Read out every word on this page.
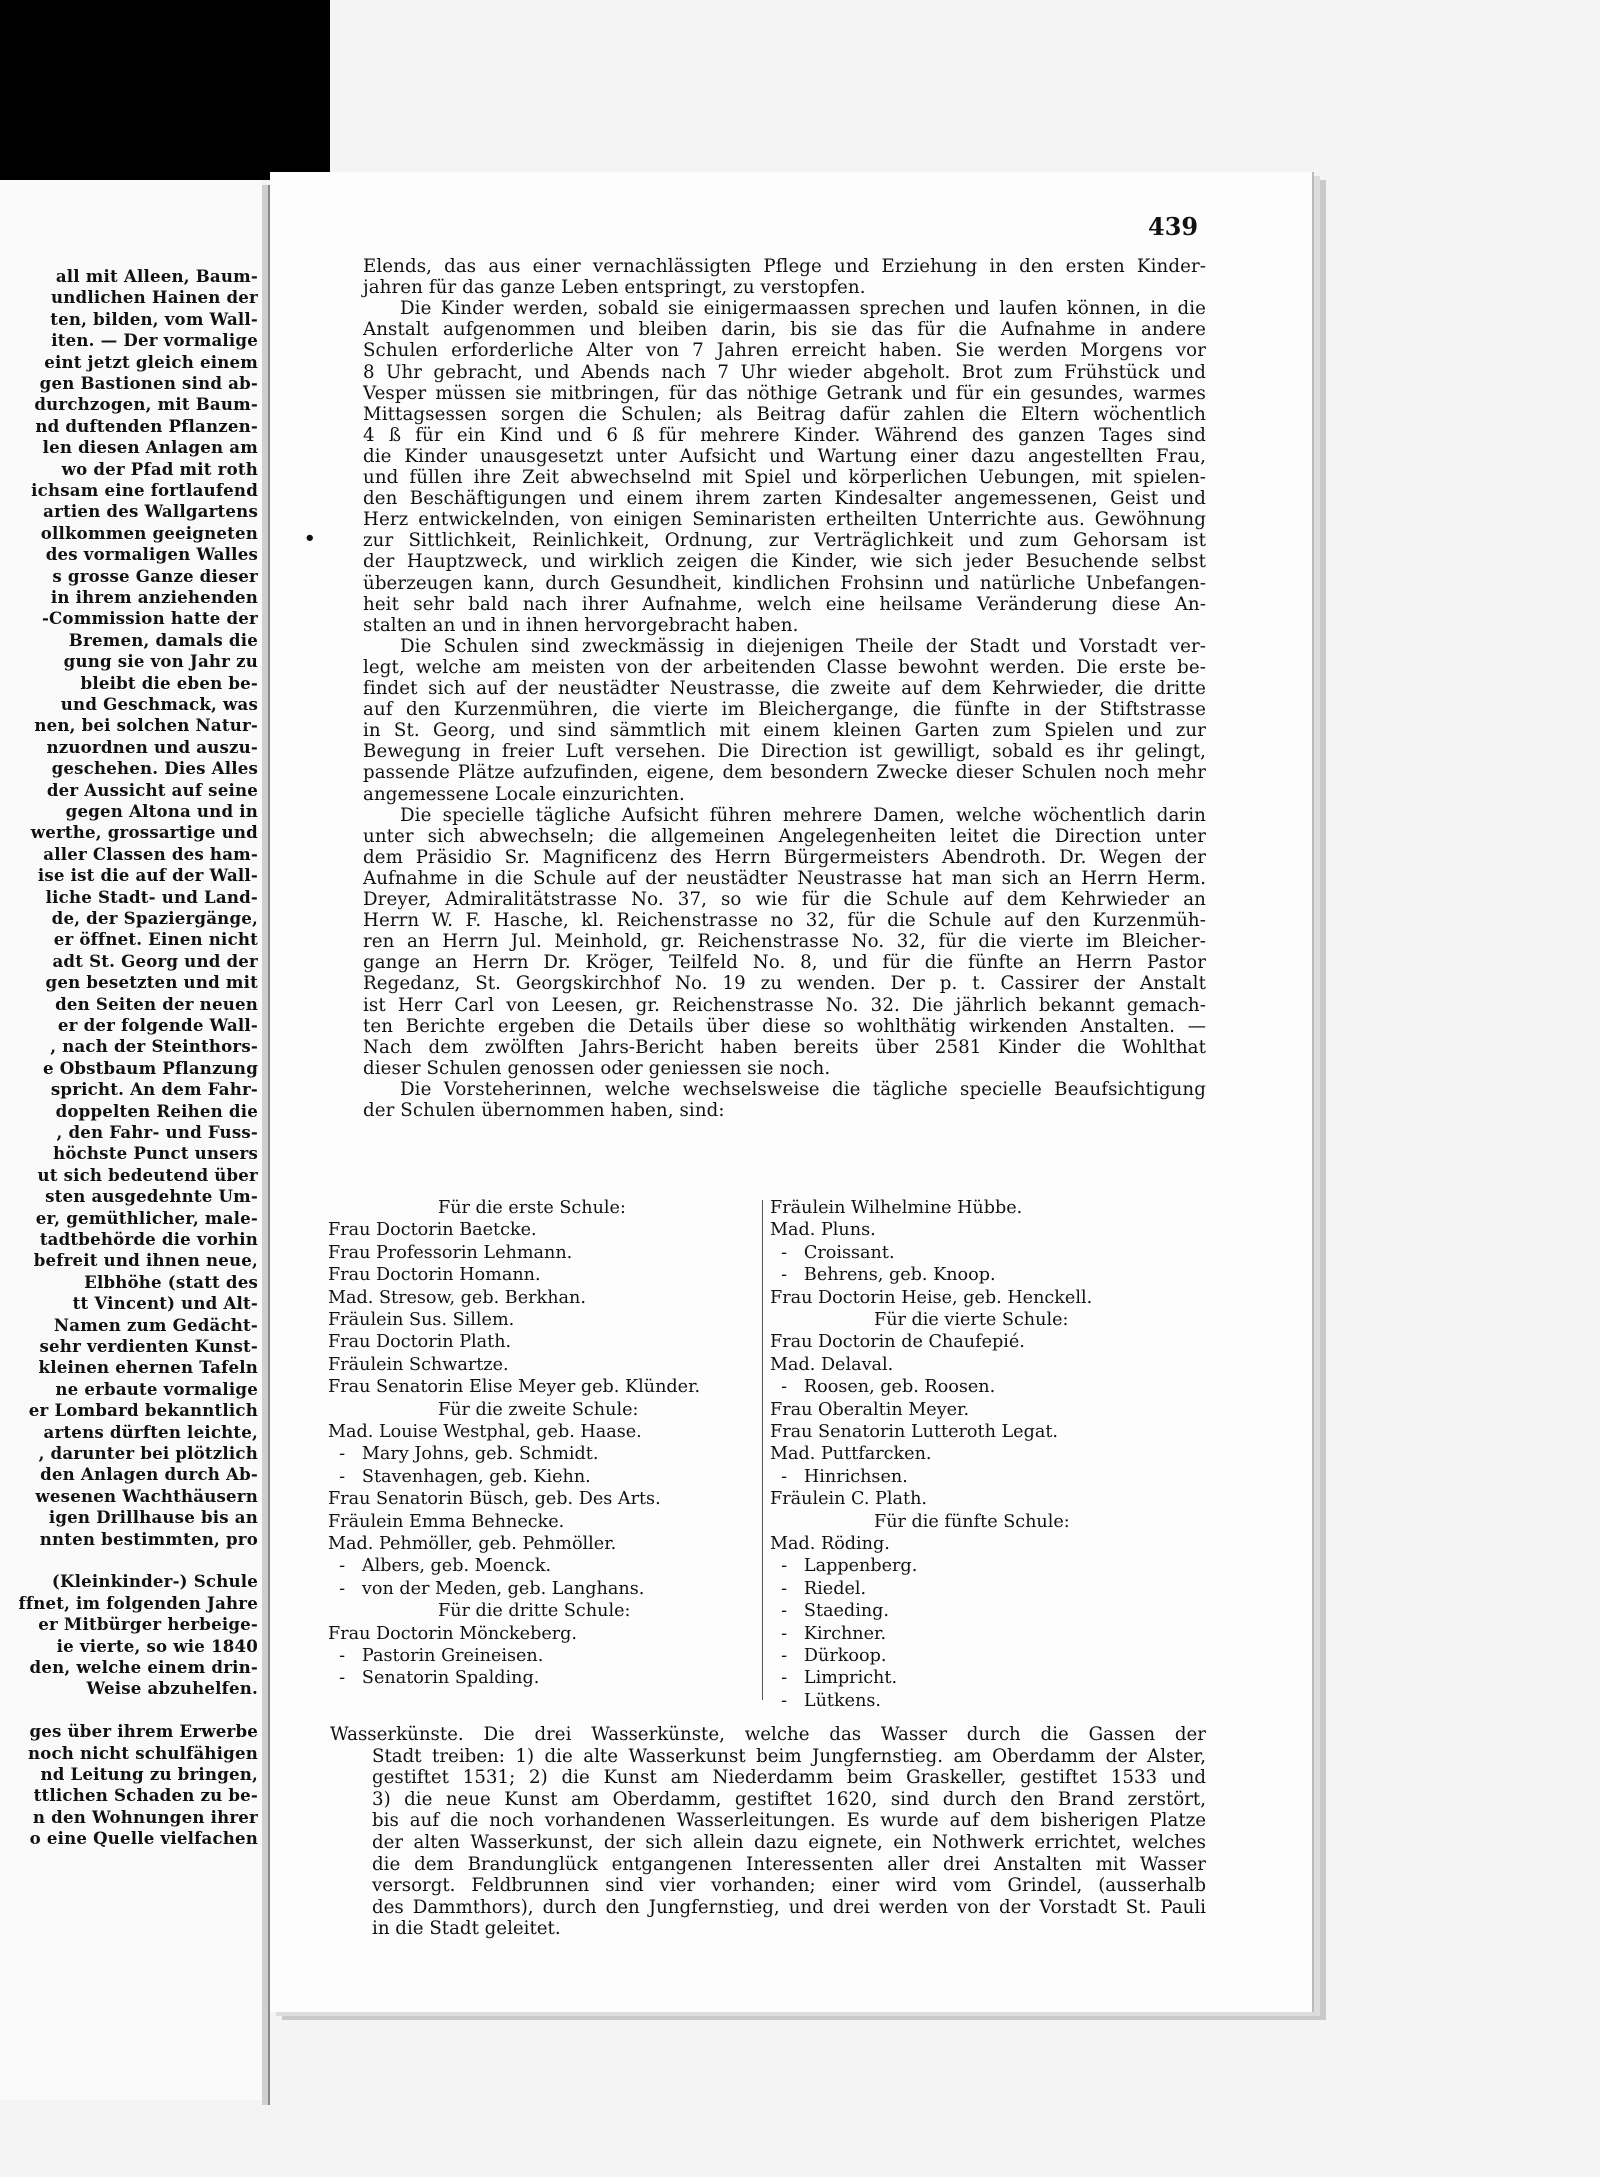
all mit Alleen, Baum-
undlichen Hainen der
ten, bilden, vom Wall-
iten. — Der vormalige
eint jetzt gleich einem
gen Bastionen sind ab-
durchzogen, mit Baum-
nd duftenden Pflanzen-
len diesen Anlagen am
wo der Pfad mit roth
ichsam eine fortlaufend
artien des Wallgartens
ollkommen geeigneten
des vormaligen Walles
s grosse Ganze dieser
in ihrem anziehenden
-Commission hatte der
Bremen, damals die
gung sie von Jahr zu
bleibt die eben be-
und Geschmack, was
nen, bei solchen Natur-
nzuordnen und auszu-
geschehen. Dies Alles
der Aussicht auf seine
gegen Altona und in
werthe, grossartige und
aller Classen des ham-
ise ist die auf der Wall-
liche Stadt- und Land-
de, der Spaziergänge,
er öffnet. Einen nicht
adt St. Georg und der
gen besetzten und mit
den Seiten der neuen
er der folgende Wall-
, nach der Steinthors-
e Obstbaum Pflanzung
spricht. An dem Fahr-
doppelten Reihen die
, den Fahr- und Fuss-
höchste Punct unsers
ut sich bedeutend über
sten ausgedehnte Um-
er, gemüthlicher, male-
tadtbehörde die vorhin
befreit und ihnen neue,
Elbhöhe (statt des
tt Vincent) und Alt-
Namen zum Gedächt-
sehr verdienten Kunst-
kleinen ehernen Tafeln
ne erbaute vormalige
er Lombard bekanntlich
artens dürften leichte,
, darunter bei plötzlich
den Anlagen durch Ab-
wesenen Wachthäusern
igen Drillhause bis an
nnten bestimmten, pro
(Kleinkinder-) Schule
ffnet, im folgenden Jahre
er Mitbürger herbeige-
ie vierte, so wie 1840
den, welche einem drin-
Weise abzuhelfen.
ges über ihrem Erwerbe
noch nicht schulfähigen
nd Leitung zu bringen,
ttlichen Schaden zu be-
n den Wohnungen ihrer
o eine Quelle vielfachen
439
•
Elends, das aus einer vernachlässigten Pflege und Erziehung in den ersten Kinder-
jahren für das ganze Leben entspringt, zu verstopfen.
Die Kinder werden, sobald sie einigermaassen sprechen und laufen können, in die
Anstalt aufgenommen und bleiben darin, bis sie das für die Aufnahme in andere
Schulen erforderliche Alter von 7 Jahren erreicht haben. Sie werden Morgens vor
8 Uhr gebracht, und Abends nach 7 Uhr wieder abgeholt. Brot zum Frühstück und
Vesper müssen sie mitbringen, für das nöthige Getrank und für ein gesundes, warmes
Mittagsessen sorgen die Schulen; als Beitrag dafür zahlen die Eltern wöchentlich
4 ß für ein Kind und 6 ß für mehrere Kinder. Während des ganzen Tages sind
die Kinder unausgesetzt unter Aufsicht und Wartung einer dazu angestellten Frau,
und füllen ihre Zeit abwechselnd mit Spiel und körperlichen Uebungen, mit spielen-
den Beschäftigungen und einem ihrem zarten Kindesalter angemessenen, Geist und
Herz entwickelnden, von einigen Seminaristen ertheilten Unterrichte aus. Gewöhnung
zur Sittlichkeit, Reinlichkeit, Ordnung, zur Verträglichkeit und zum Gehorsam ist
der Hauptzweck, und wirklich zeigen die Kinder, wie sich jeder Besuchende selbst
überzeugen kann, durch Gesundheit, kindlichen Frohsinn und natürliche Unbefangen-
heit sehr bald nach ihrer Aufnahme, welch eine heilsame Veränderung diese An-
stalten an und in ihnen hervorgebracht haben.
Die Schulen sind zweckmässig in diejenigen Theile der Stadt und Vorstadt ver-
legt, welche am meisten von der arbeitenden Classe bewohnt werden. Die erste be-
findet sich auf der neustädter Neustrasse, die zweite auf dem Kehrwieder, die dritte
auf den Kurzenmühren, die vierte im Bleichergange, die fünfte in der Stiftstrasse
in St. Georg, und sind sämmtlich mit einem kleinen Garten zum Spielen und zur
Bewegung in freier Luft versehen. Die Direction ist gewilligt, sobald es ihr gelingt,
passende Plätze aufzufinden, eigene, dem besondern Zwecke dieser Schulen noch mehr
angemessene Locale einzurichten.
Die specielle tägliche Aufsicht führen mehrere Damen, welche wöchentlich darin
unter sich abwechseln; die allgemeinen Angelegenheiten leitet die Direction unter
dem Präsidio Sr. Magnificenz des Herrn Bürgermeisters Abendroth. Dr. Wegen der
Aufnahme in die Schule auf der neustädter Neustrasse hat man sich an Herrn Herm.
Dreyer, Admiralitätstrasse No. 37, so wie für die Schule auf dem Kehrwieder an
Herrn W. F. Hasche, kl. Reichenstrasse no 32, für die Schule auf den Kurzenmüh-
ren an Herrn Jul. Meinhold, gr. Reichenstrasse No. 32, für die vierte im Bleicher-
gange an Herrn Dr. Kröger, Teilfeld No. 8, und für die fünfte an Herrn Pastor
Regedanz, St. Georgskirchhof No. 19 zu wenden. Der p. t. Cassirer der Anstalt
ist Herr Carl von Leesen, gr. Reichenstrasse No. 32. Die jährlich bekannt gemach-
ten Berichte ergeben die Details über diese so wohlthätig wirkenden Anstalten. —
Nach dem zwölften Jahrs-Bericht haben bereits über 2581 Kinder die Wohlthat
dieser Schulen genossen oder geniessen sie noch.
Die Vorsteherinnen, welche wechselsweise die tägliche specielle Beaufsichtigung
der Schulen übernommen haben, sind:
Für die erste Schule:
Frau Doctorin Baetcke.
Frau Professorin Lehmann.
Frau Doctorin Homann.
Mad. Stresow, geb. Berkhan.
Fräulein Sus. Sillem.
Frau Doctorin Plath.
Fräulein Schwartze.
Frau Senatorin Elise Meyer geb. Klünder.
Für die zweite Schule:
Mad. Louise Westphal, geb. Haase.
-   Mary Johns, geb. Schmidt.
-   Stavenhagen, geb. Kiehn.
Frau Senatorin Büsch, geb. Des Arts.
Fräulein Emma Behnecke.
Mad. Pehmöller, geb. Pehmöller.
-   Albers, geb. Moenck.
-   von der Meden, geb. Langhans.
Für die dritte Schule:
Frau Doctorin Mönckeberg.
-   Pastorin Greineisen.
-   Senatorin Spalding.
Fräulein Wilhelmine Hübbe.
Mad. Pluns.
-   Croissant.
-   Behrens, geb. Knoop.
Frau Doctorin Heise, geb. Henckell.
Für die vierte Schule:
Frau Doctorin de Chaufepié.
Mad. Delaval.
-   Roosen, geb. Roosen.
Frau Oberaltin Meyer.
Frau Senatorin Lutteroth Legat.
Mad. Puttfarcken.
-   Hinrichsen.
Fräulein C. Plath.
Für die fünfte Schule:
Mad. Röding.
-   Lappenberg.
-   Riedel.
-   Staeding.
-   Kirchner.
-   Dürkoop.
-   Limpricht.
-   Lütkens.
Wasserkünste. Die drei Wasserkünste, welche das Wasser durch die Gassen der
Stadt treiben: 1) die alte Wasserkunst beim Jungfernstieg. am Oberdamm der Alster,
gestiftet 1531; 2) die Kunst am Niederdamm beim Graskeller, gestiftet 1533 und
3) die neue Kunst am Oberdamm, gestiftet 1620, sind durch den Brand zerstört,
bis auf die noch vorhandenen Wasserleitungen. Es wurde auf dem bisherigen Platze
der alten Wasserkunst, der sich allein dazu eignete, ein Nothwerk errichtet, welches
die dem Brandunglück entgangenen Interessenten aller drei Anstalten mit Wasser
versorgt. Feldbrunnen sind vier vorhanden; einer wird vom Grindel, (ausserhalb
des Dammthors), durch den Jungfernstieg, und drei werden von der Vorstadt St. Pauli
in die Stadt geleitet.
